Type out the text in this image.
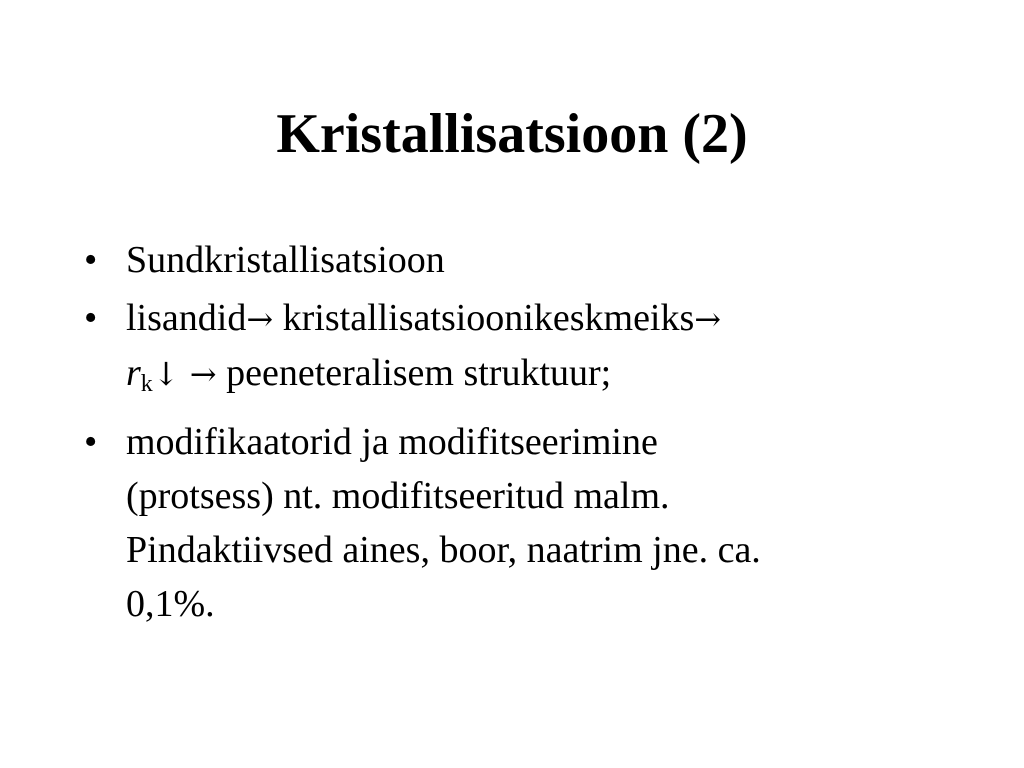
Kristallisatsioon (2)
• Sundkristallisatsioon
• lisandid→ kristallisatsioonikeskmeiks→
$r_k↓$ → peeneteralisem struktuur;
• modifikaatorid ja modifitseerimine
(protsess) nt. modifitseeritud malm.
Pindaktiivsed aines, boor, naatrim jne. ca.
0,1%.
